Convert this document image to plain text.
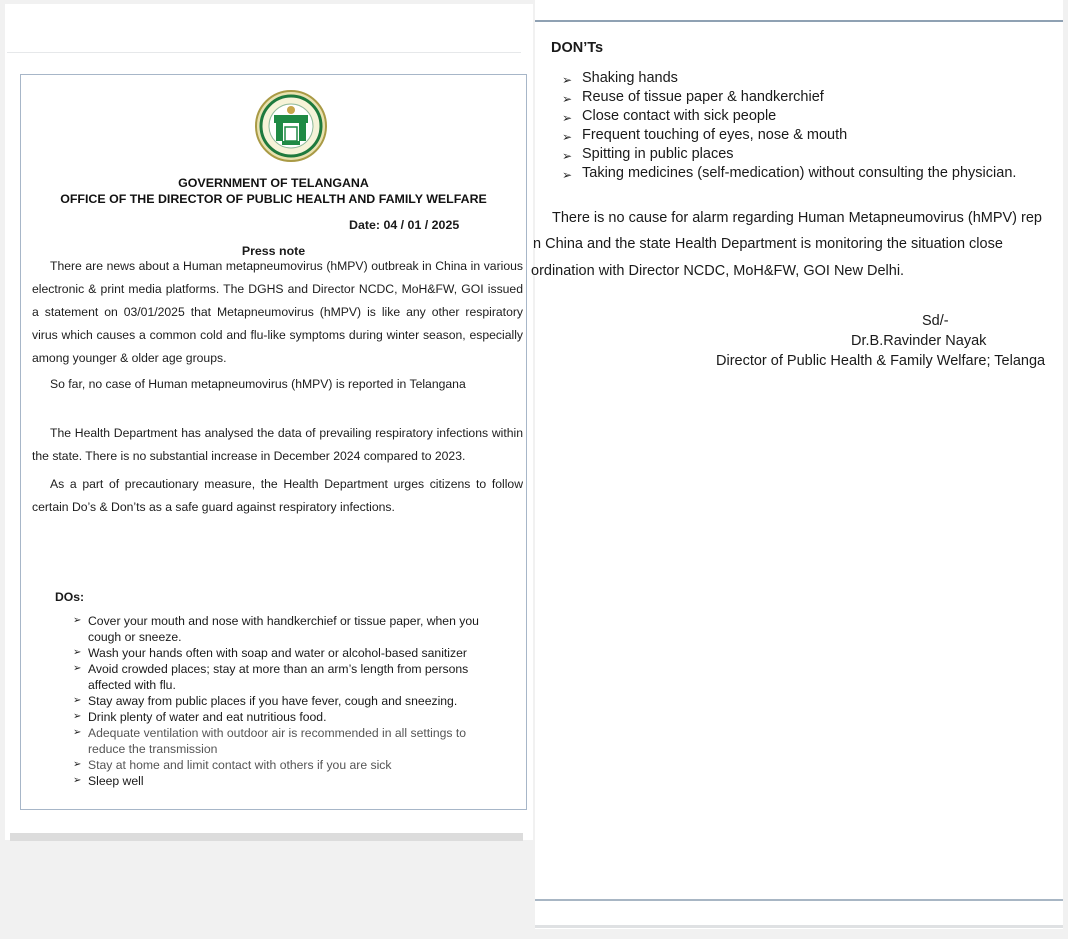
GOVERNMENT OF TELANGANA
OFFICE OF THE DIRECTOR OF PUBLIC HEALTH AND FAMILY WELFARE
Date: 04 / 01 / 2025
Press note
There are news about a Human metapneumovirus (hMPV) outbreak in China in various electronic & print media platforms. The DGHS and Director NCDC, MoH&FW, GOI issued a statement on 03/01/2025 that Metapneumovirus (hMPV) is like any other respiratory virus which causes a common cold and flu-like symptoms during winter season, especially among younger & older age groups.
So far, no case of Human metapneumovirus (hMPV) is reported in Telangana
The Health Department has analysed the data of prevailing respiratory infections within the state. There is no substantial increase in December 2024 compared to 2023.
As a part of precautionary measure, the Health Department urges citizens to follow certain Do’s & Don’ts as a safe guard against respiratory infections.
DOs:
➢ Cover your mouth and nose with handkerchief or tissue paper, when you cough or sneeze.
➢ Wash your hands often with soap and water or alcohol-based sanitizer
➢ Avoid crowded places; stay at more than an arm’s length from persons affected with flu.
➢ Stay away from public places if you have fever, cough and sneezing.
➢ Drink plenty of water and eat nutritious food.
➢ Adequate ventilation with outdoor air is recommended in all settings to reduce the transmission
➢ Stay at home and limit contact with others if you are sick
➢ Sleep well
DON’Ts
➢ Shaking hands
➢ Reuse of tissue paper & handkerchief
➢ Close contact with sick people
➢ Frequent touching of eyes, nose & mouth
➢ Spitting in public places
➢ Taking medicines (self-medication) without consulting the physician.
There is no cause for alarm regarding Human Metapneumovirus (hMPV) rep
n China and the state Health Department is monitoring the situation close
ordination with Director NCDC, MoH&FW, GOI New Delhi.
Sd/-
Dr.B.Ravinder Nayak
Director of Public Health & Family Welfare; Telanga
